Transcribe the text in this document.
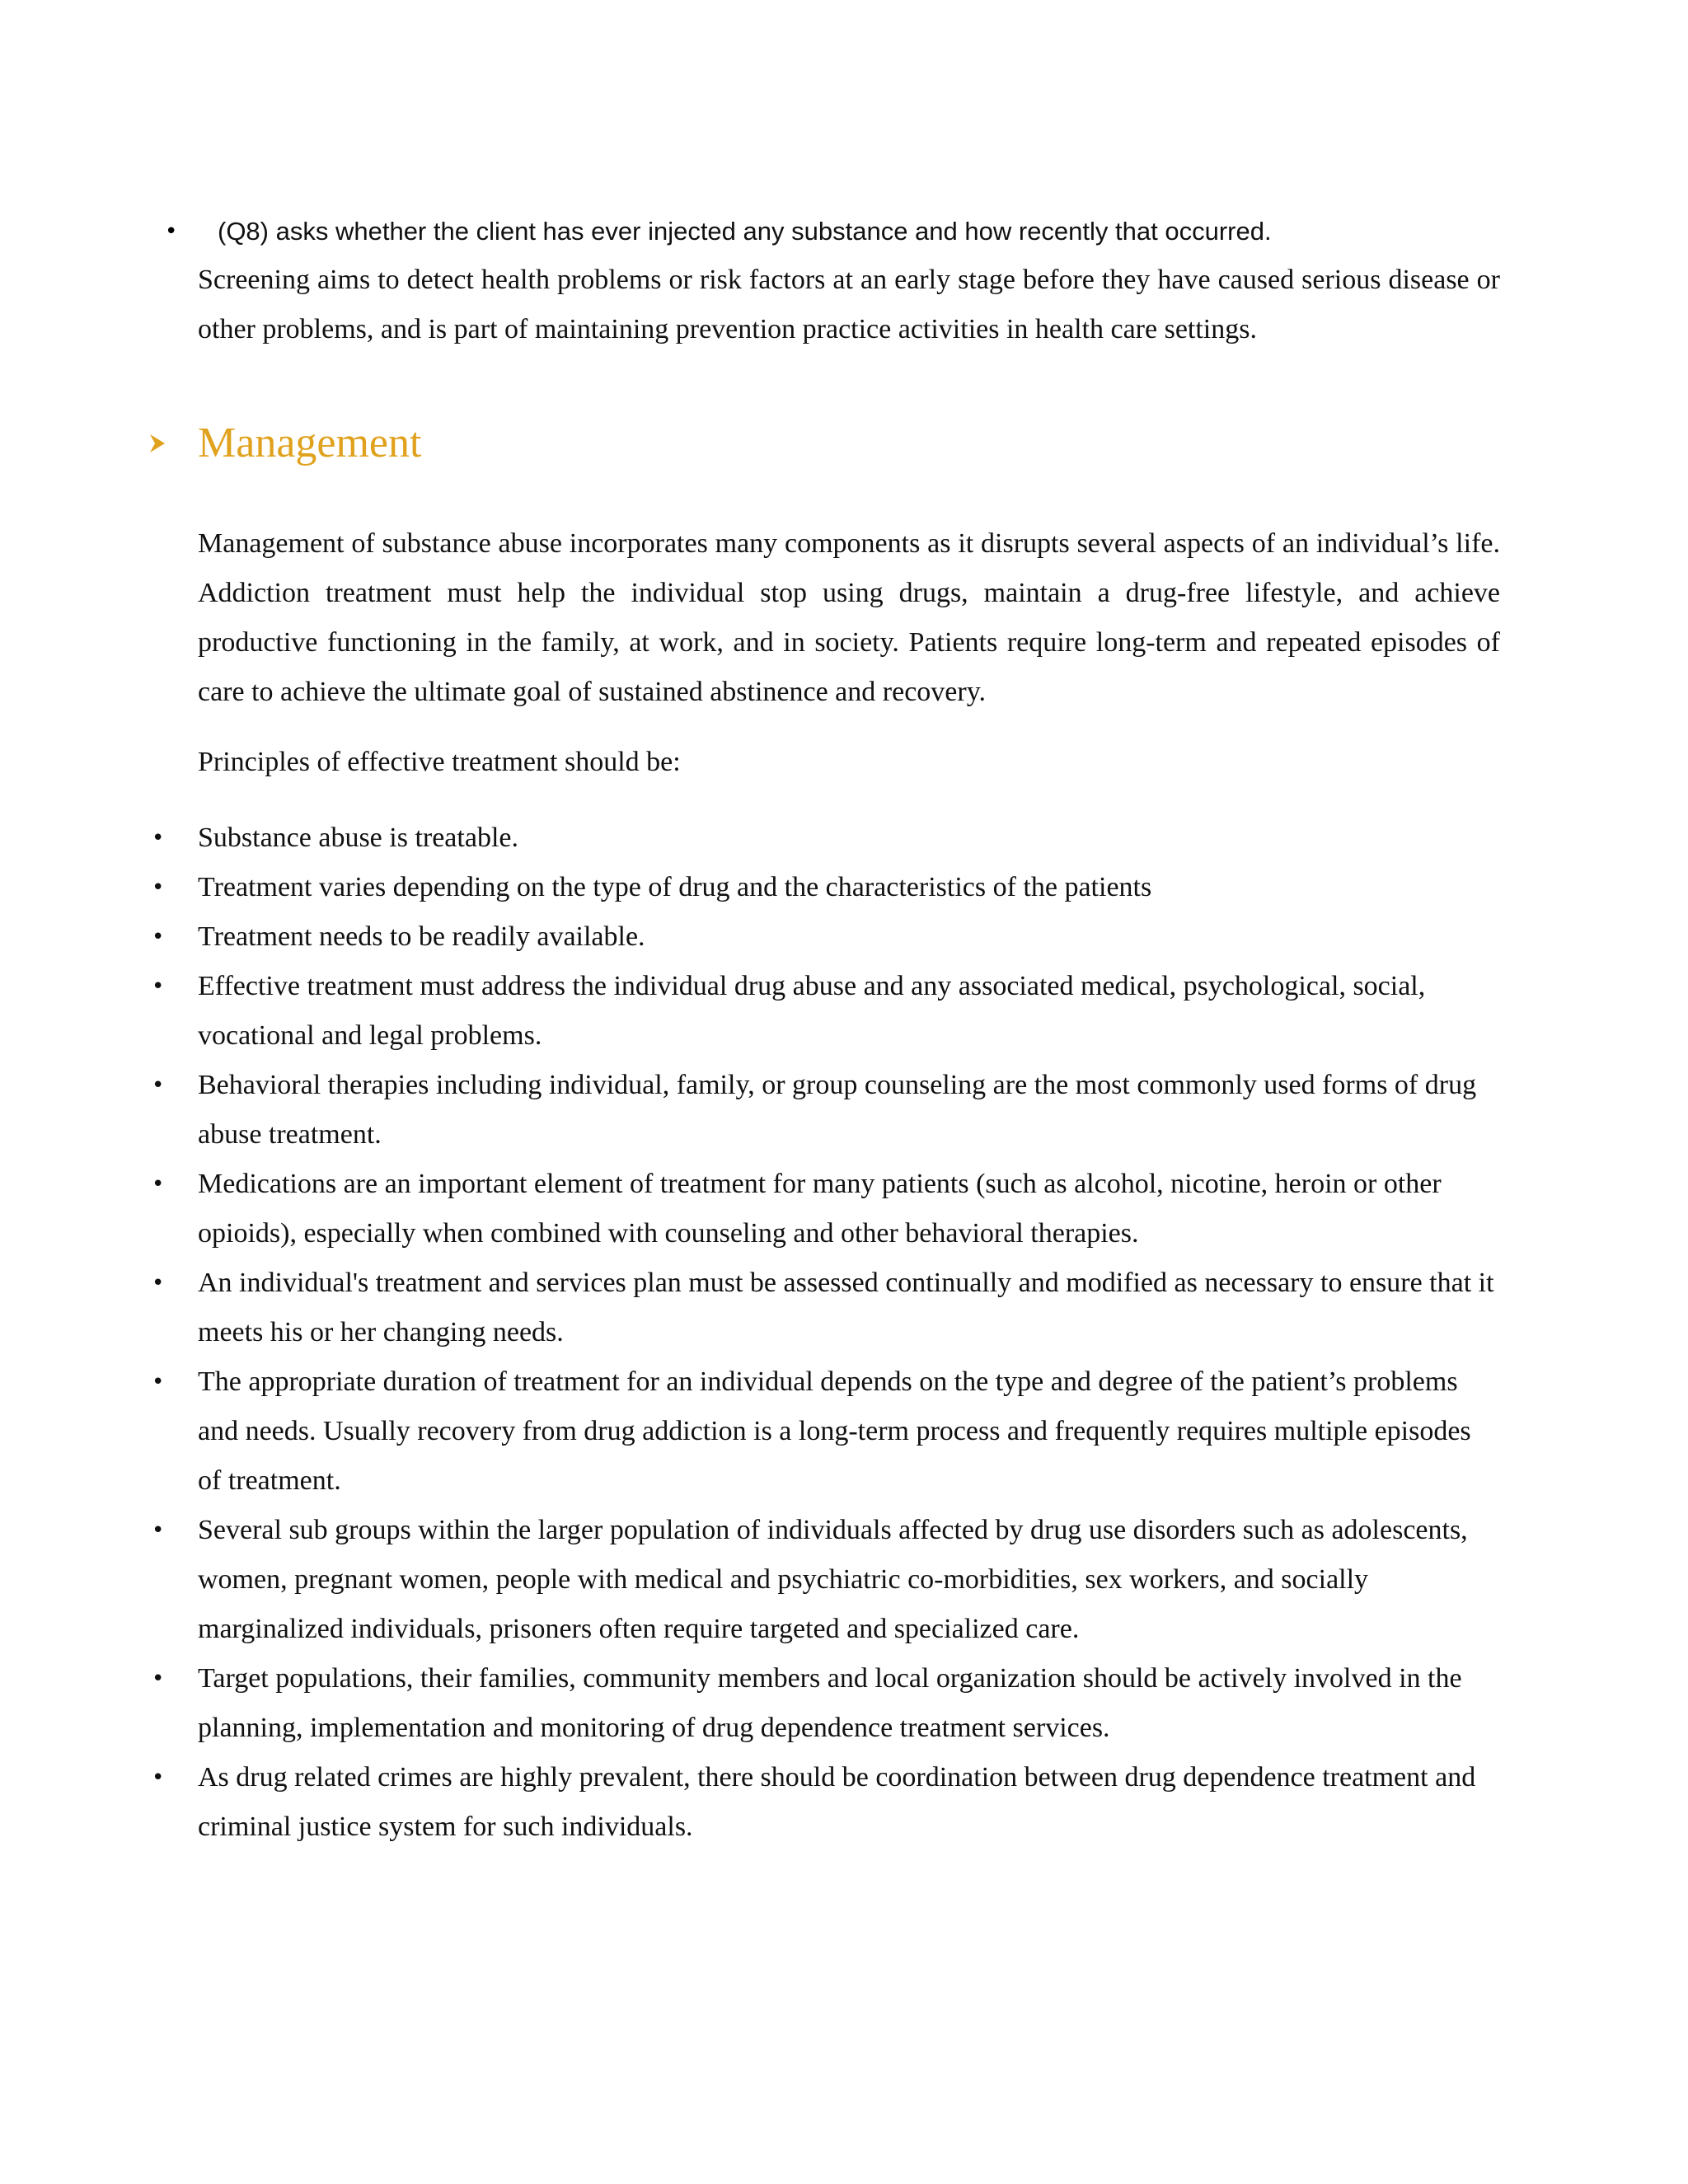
• (Q8) asks whether the client has ever injected any substance and how recently that occurred.

Screening aims to detect health problems or risk factors at an early stage before they have caused serious disease or other problems, and is part of maintaining prevention practice activities in health care settings.

Management

Management of substance abuse incorporates many components as it disrupts several aspects of an individual’s life. Addiction treatment must help the individual stop using drugs, maintain a drug-free lifestyle, and achieve productive functioning in the family, at work, and in society. Patients require long-term and repeated episodes of care to achieve the ultimate goal of sustained abstinence and recovery.

Principles of effective treatment should be:

• Substance abuse is treatable.
• Treatment varies depending on the type of drug and the characteristics of the patients
• Treatment needs to be readily available.
• Effective treatment must address the individual drug abuse and any associated medical, psychological, social, vocational and legal problems.
• Behavioral therapies including individual, family, or group counseling are the most commonly used forms of drug abuse treatment.
• Medications are an important element of treatment for many patients (such as alcohol, nicotine, heroin or other opioids), especially when combined with counseling and other behavioral therapies.
• An individual's treatment and services plan must be assessed continually and modified as necessary to ensure that it meets his or her changing needs.
• The appropriate duration of treatment for an individual depends on the type and degree of the patient’s problems and needs. Usually recovery from drug addiction is a long-term process and frequently requires multiple episodes of treatment.
• Several sub groups within the larger population of individuals affected by drug use disorders such as adolescents, women, pregnant women, people with medical and psychiatric co-morbidities, sex workers, and socially marginalized individuals, prisoners often require targeted and specialized care.
• Target populations, their families, community members and local organization should be actively involved in the planning, implementation and monitoring of drug dependence treatment services.
• As drug related crimes are highly prevalent, there should be coordination between drug dependence treatment and criminal justice system for such individuals.
